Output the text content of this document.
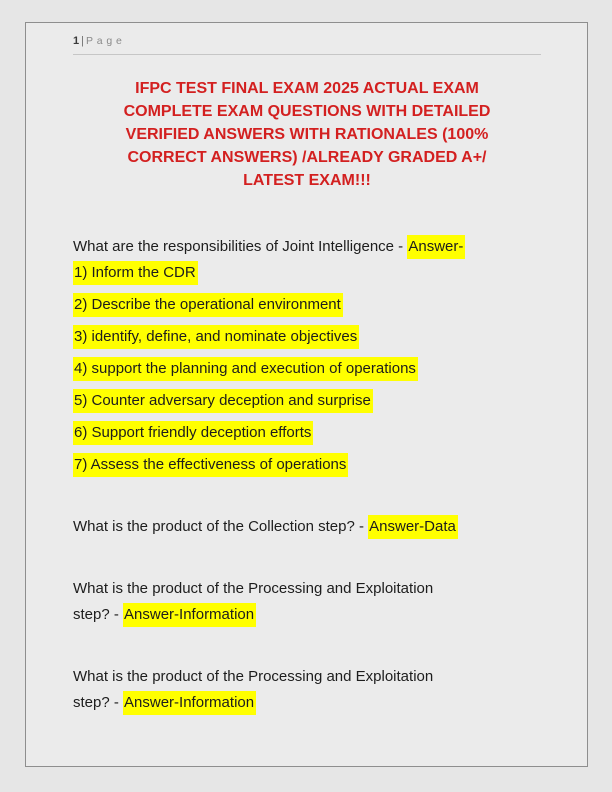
1| Page
IFPC TEST FINAL EXAM 2025 ACTUAL EXAM
COMPLETE EXAM QUESTIONS WITH DETAILED
VERIFIED ANSWERS WITH RATIONALES (100%
CORRECT ANSWERS) /ALREADY GRADED A+/
LATEST EXAM!!!
What are the responsibilities of Joint Intelligence - Answer-
1) Inform the CDR
2) Describe the operational environment
3) identify, define, and nominate objectives
4) support the planning and execution of operations
5) Counter adversary deception and surprise
6) Support friendly deception efforts
7) Assess the effectiveness of operations
What is the product of the Collection step? - Answer-Data
What is the product of the Processing and Exploitation
step? - Answer-Information
What is the product of the Processing and Exploitation
step? - Answer-Information
